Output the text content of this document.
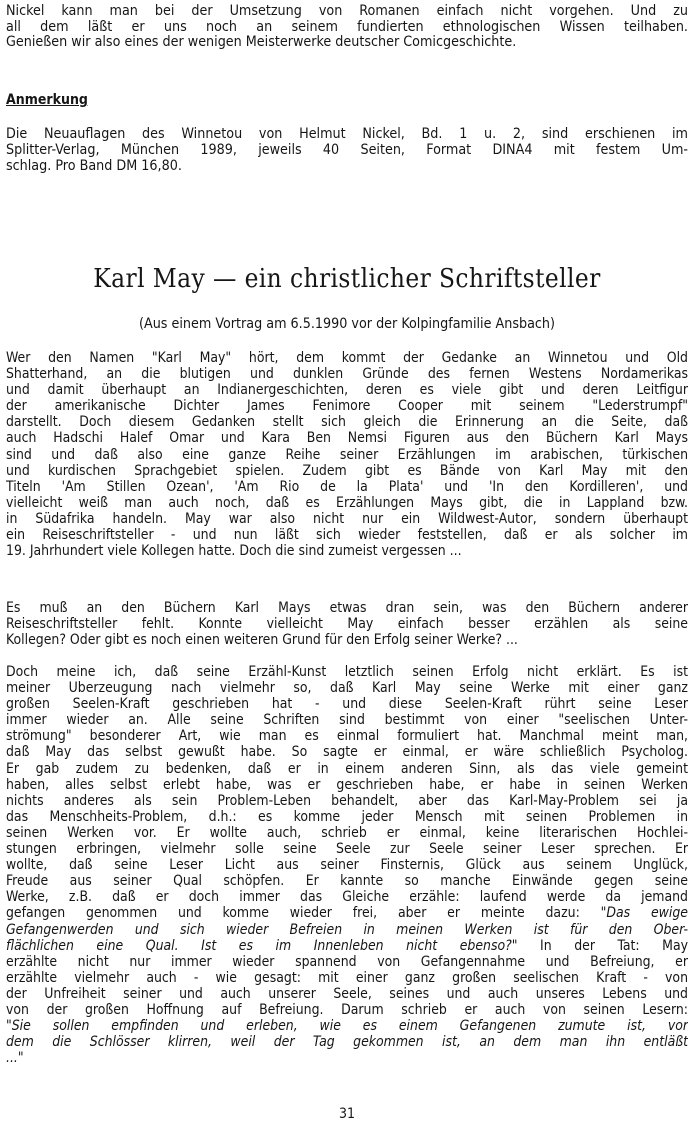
Nickel kann man bei der Umsetzung von Romanen einfach nicht vorgehen. Und zu
all dem läßt er uns noch an seinem fundierten ethnologischen Wissen teilhaben.
Genießen wir also eines der wenigen Meisterwerke deutscher Comicgeschichte.
Anmerkung
Die Neuauflagen des Winnetou von Helmut Nickel, Bd. 1 u. 2, sind erschienen im
Splitter-Verlag, München 1989, jeweils 40 Seiten, Format DINA4 mit festem Um-
schlag. Pro Band DM 16,80.
Karl May — ein christlicher Schriftsteller
(Aus einem Vortrag am 6.5.1990 vor der Kolpingfamilie Ansbach)
Wer den Namen "Karl May" hört, dem kommt der Gedanke an Winnetou und Old
Shatterhand, an die blutigen und dunklen Gründe des fernen Westens Nordamerikas
und damit überhaupt an Indianergeschichten, deren es viele gibt und deren Leitfigur
der amerikanische Dichter James Fenimore Cooper mit seinem "Lederstrumpf"
darstellt. Doch diesem Gedanken stellt sich gleich die Erinnerung an die Seite, daß
auch Hadschi Halef Omar und Kara Ben Nemsi Figuren aus den Büchern Karl Mays
sind und daß also eine ganze Reihe seiner Erzählungen im arabischen, türkischen
und kurdischen Sprachgebiet spielen. Zudem gibt es Bände von Karl May mit den
Titeln 'Am Stillen Ozean', 'Am Rio de la Plata' und 'In den Kordilleren', und
vielleicht weiß man auch noch, daß es Erzählungen Mays gibt, die in Lappland bzw.
in Südafrika handeln. May war also nicht nur ein Wildwest-Autor, sondern überhaupt
ein Reiseschriftsteller - und nun läßt sich wieder feststellen, daß er als solcher im
19. Jahrhundert viele Kollegen hatte. Doch die sind zumeist vergessen ...
Es muß an den Büchern Karl Mays etwas dran sein, was den Büchern anderer
Reiseschriftsteller fehlt. Konnte vielleicht May einfach besser erzählen als seine
Kollegen? Oder gibt es noch einen weiteren Grund für den Erfolg seiner Werke? ...
Doch meine ich, daß seine Erzähl-Kunst letztlich seinen Erfolg nicht erklärt. Es ist
meiner Überzeugung nach vielmehr so, daß Karl May seine Werke mit einer ganz
großen Seelen-Kraft geschrieben hat - und diese Seelen-Kraft rührt seine Leser
immer wieder an. Alle seine Schriften sind bestimmt von einer "seelischen Unter-
strömung" besonderer Art, wie man es einmal formuliert hat. Manchmal meint man,
daß May das selbst gewußt habe. So sagte er einmal, er wäre schließlich Psycholog.
Er gab zudem zu bedenken, daß er in einem anderen Sinn, als das viele gemeint
haben, alles selbst erlebt habe, was er geschrieben habe, er habe in seinen Werken
nichts anderes als sein Problem-Leben behandelt, aber das Karl-May-Problem sei ja
das Menschheits-Problem, d.h.: es komme jeder Mensch mit seinen Problemen in
seinen Werken vor. Er wollte auch, schrieb er einmal, keine literarischen Hochlei-
stungen erbringen, vielmehr solle seine Seele zur Seele seiner Leser sprechen. Er
wollte, daß seine Leser Licht aus seiner Finsternis, Glück aus seinem Unglück,
Freude aus seiner Qual schöpfen. Er kannte so manche Einwände gegen seine
Werke, z.B. daß er doch immer das Gleiche erzähle: laufend werde da jemand
gefangen genommen und komme wieder frei, aber er meinte dazu: "Das ewige
Gefangenwerden und sich wieder Befreien in meinen Werken ist für den Ober-
flächlichen eine Qual. Ist es im Innenleben nicht ebenso?" In der Tat: May
erzählte nicht nur immer wieder spannend von Gefangennahme und Befreiung, er
erzählte vielmehr auch - wie gesagt: mit einer ganz großen seelischen Kraft - von
der Unfreiheit seiner und auch unserer Seele, seines und auch unseres Lebens und
von der großen Hoffnung auf Befreiung. Darum schrieb er auch von seinen Lesern:
"Sie sollen empfinden und erleben, wie es einem Gefangenen zumute ist, vor
dem die Schlösser klirren, weil der Tag gekommen ist, an dem man ihn entläßt
..."
31
